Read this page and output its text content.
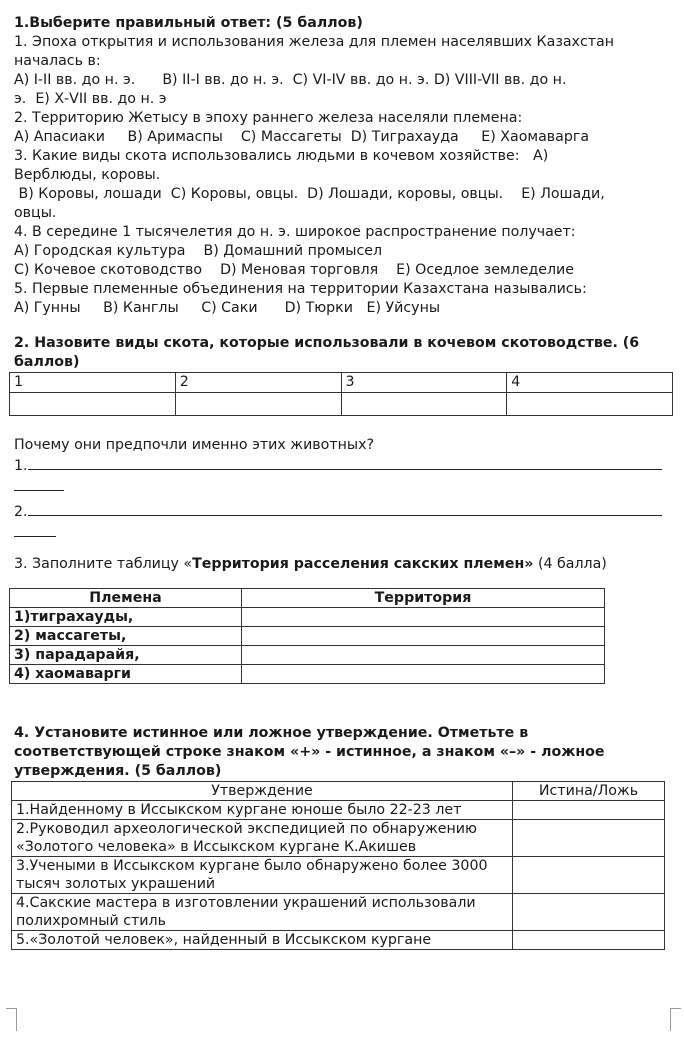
1.Выберите правильный ответ: (5 баллов)

1. Эпоха открытия и использования железа для племен населявших Казахстан

началась в:

А) I-II вв. до н. э.      В) II-I вв. до н. э.  С) VI-IV вв. до н. э. D) VIII-VII вв. до н.

э.  Е) Х-VII вв. до н. э

2. Территорию Жетысу в эпоху раннего железа населяли племена:

А) Апасиаки     В) Аримаспы    С) Массагеты  D) Тиграхауда     Е) Хаомаварга

3. Какие виды скота использовались людьми в кочевом хозяйстве:   А)

Верблюды, коровы.

В) Коровы, лошади  С) Коровы, овцы.  D) Лошади, коровы, овцы.    Е) Лошади,

овцы.

4. В середине 1 тысячелетия до н. э. широкое распространение получает:

А) Городская культура    В) Домашний промысел

С) Кочевое скотоводство    D) Меновая торговля    Е) Оседлое земледелие

5. Первые племенные объединения на территории Казахстана назывались:

А) Гунны     В) Канглы     С) Саки      D) Тюрки   Е) Уйсуны

2. Назовите виды скота, которые использовали в кочевом скотоводстве. (6 баллов)

1	2	3	4

Почему они предпочли именно этих животных?

1.

2.

3. Заполните таблицу «Территория расселения сакских племен» (4 балла)

Племена	Территория
1)тиграхауды,	
2) массагеты,	
3) парадарайя,	
4) хаомаварги	

4. Установите истинное или ложное утверждение. Отметьте в соответствующей строке знаком «+» - истинное, а знаком «–» - ложное утверждения. (5 баллов)

Утверждение	Истина/Ложь
1.Найденному в Иссыкском кургане юноше было 22-23 лет	
2.Руководил археологической экспедицией по обнаружению «Золотого человека» в Иссыкском кургане К.Акишев	
3.Учеными в Иссыкском кургане было обнаружено более 3000 тысяч золотых украшений	
4.Сакские мастера в изготовлении украшений использовали полихромный стиль	
5.«Золотой человек», найденный в Иссыкском кургане	
